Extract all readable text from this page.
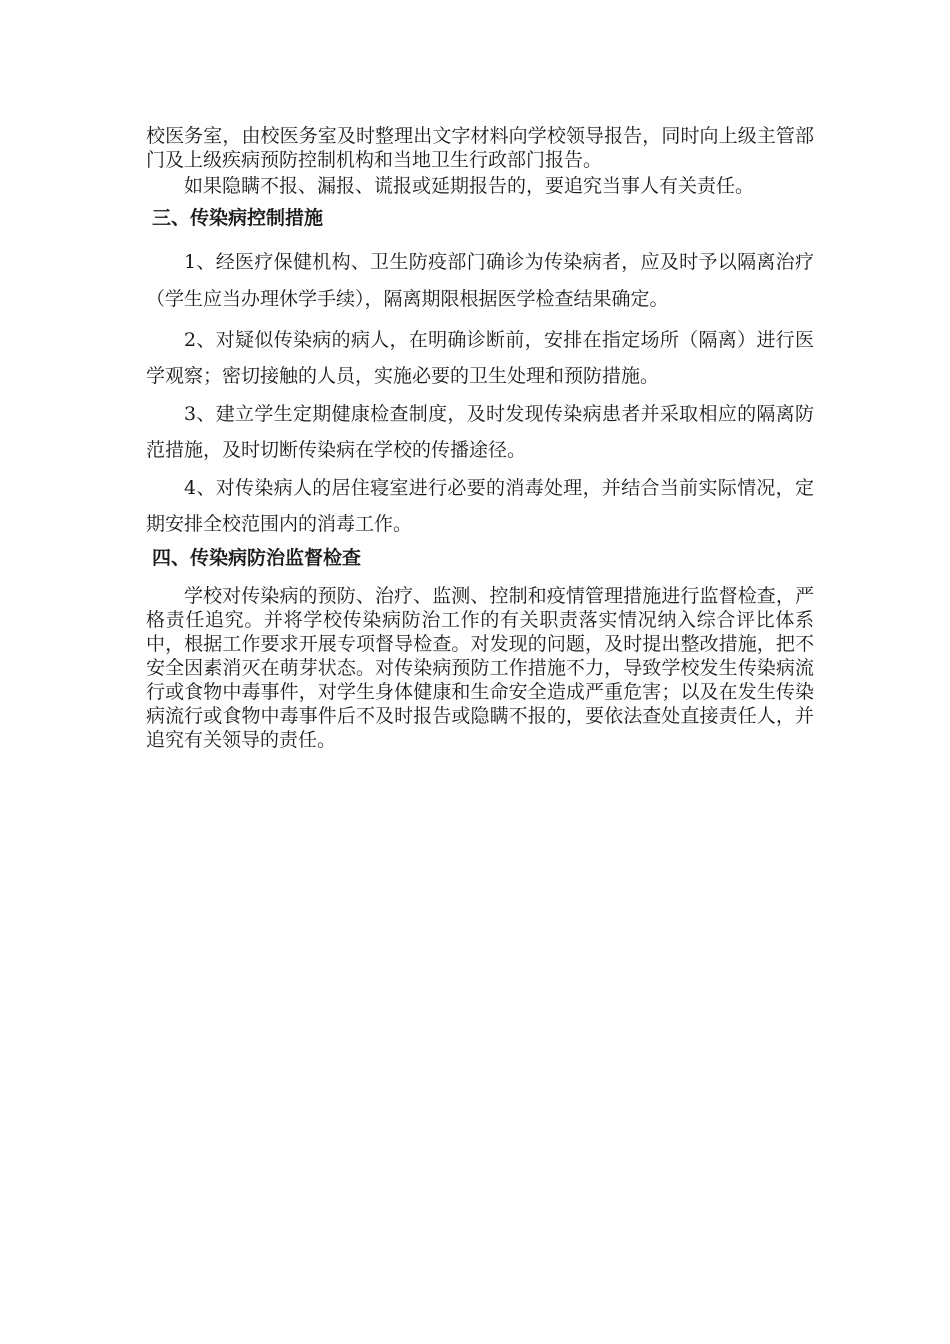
校医务室，由校医务室及时整理出文字材料向学校领导报告，同时向上级主管部门及上级疾病预防控制机构和当地卫生行政部门报告。

如果隐瞒不报、漏报、谎报或延期报告的，要追究当事人有关责任。

三、传染病控制措施

1、经医疗保健机构、卫生防疫部门确诊为传染病者，应及时予以隔离治疗（学生应当办理休学手续），隔离期限根据医学检查结果确定。

2、对疑似传染病的病人，在明确诊断前，安排在指定场所（隔离）进行医学观察；密切接触的人员，实施必要的卫生处理和预防措施。

3、建立学生定期健康检查制度，及时发现传染病患者并采取相应的隔离防范措施，及时切断传染病在学校的传播途径。

4、对传染病人的居住寝室进行必要的消毒处理，并结合当前实际情况，定期安排全校范围内的消毒工作。

四、传染病防治监督检查

学校对传染病的预防、治疗、监测、控制和疫情管理措施进行监督检查，严格责任追究。并将学校传染病防治工作的有关职责落实情况纳入综合评比体系中，根据工作要求开展专项督导检查。对发现的问题，及时提出整改措施，把不安全因素消灭在萌芽状态。对传染病预防工作措施不力，导致学校发生传染病流行或食物中毒事件，对学生身体健康和生命安全造成严重危害；以及在发生传染病流行或食物中毒事件后不及时报告或隐瞒不报的，要依法查处直接责任人，并追究有关领导的责任。
